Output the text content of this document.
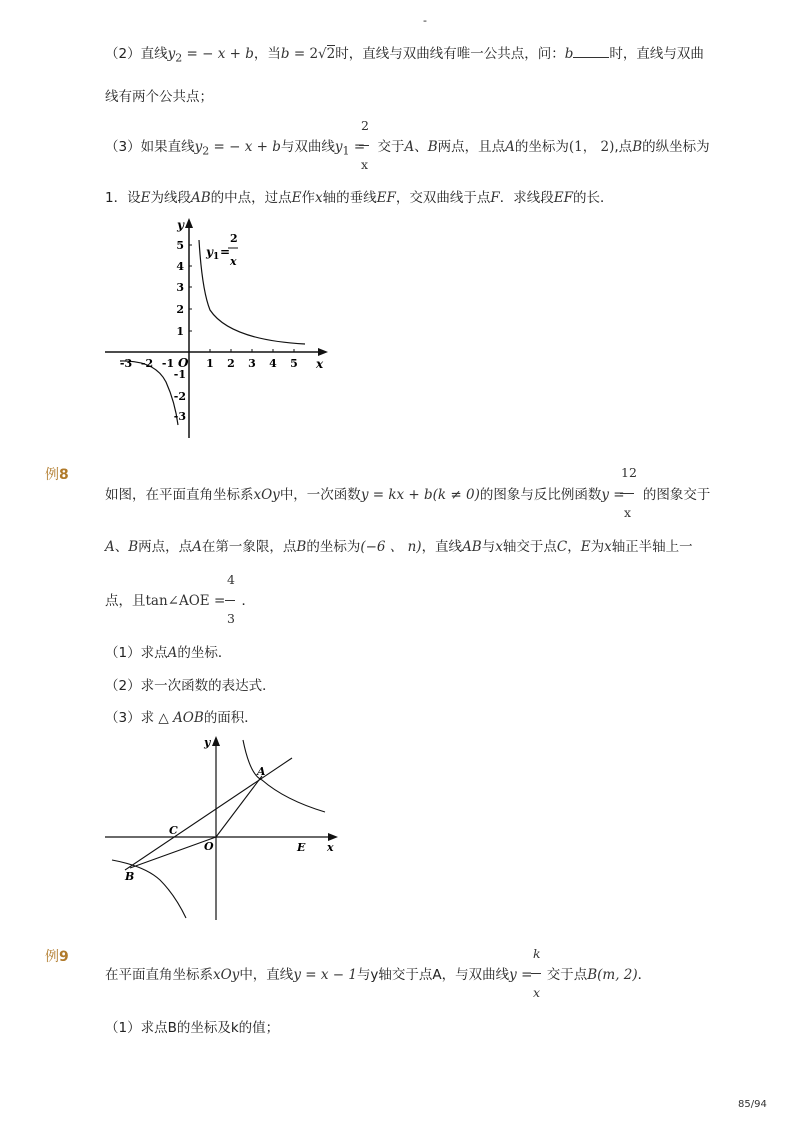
-
（2）直线$y_2$ = − x + b，当b = 2√2时，直线与双曲线有唯一公共点，问：b	时，直线与双曲
线有两个公共点；
2
x
（3）如果直线$y_2$ = − x + b与双曲线$y_1$ = 交于A、B两点，且点A的坐标为(1， 2),点B的纵坐标为
1．设E为线段AB的中点，过点E作x轴的垂线EF，交双曲线于点F．求线段EF的长．
y
x
O 1 2 3 4 5
-3 -2 -1
5
4
3
2
1
-1
-2
-3
y 1 =
2
x
例8	12
x
如图，在平面直角坐标系xOy中，一次函数y = kx + b(k ≠ 0)的图象与反比例函数y = 的图象交于
A、B两点，点A在第一象限，点B的坐标为(−6 、 n)，直线AB与x轴交于点C，E为x轴正半轴上一
4
3
点，且tan∠AOE = ．
（1）求点A的坐标．
（2）求一次函数的表达式．
（3）求 △ AOB的面积．
y
x
O
A
B
C
E
例9	k
x
在平面直角坐标系xOy中，直线y = x − 1与y轴交于点A，与双曲线y = 交于点B(m, 2)．
（1）求点B的坐标及k的值；
85/94
